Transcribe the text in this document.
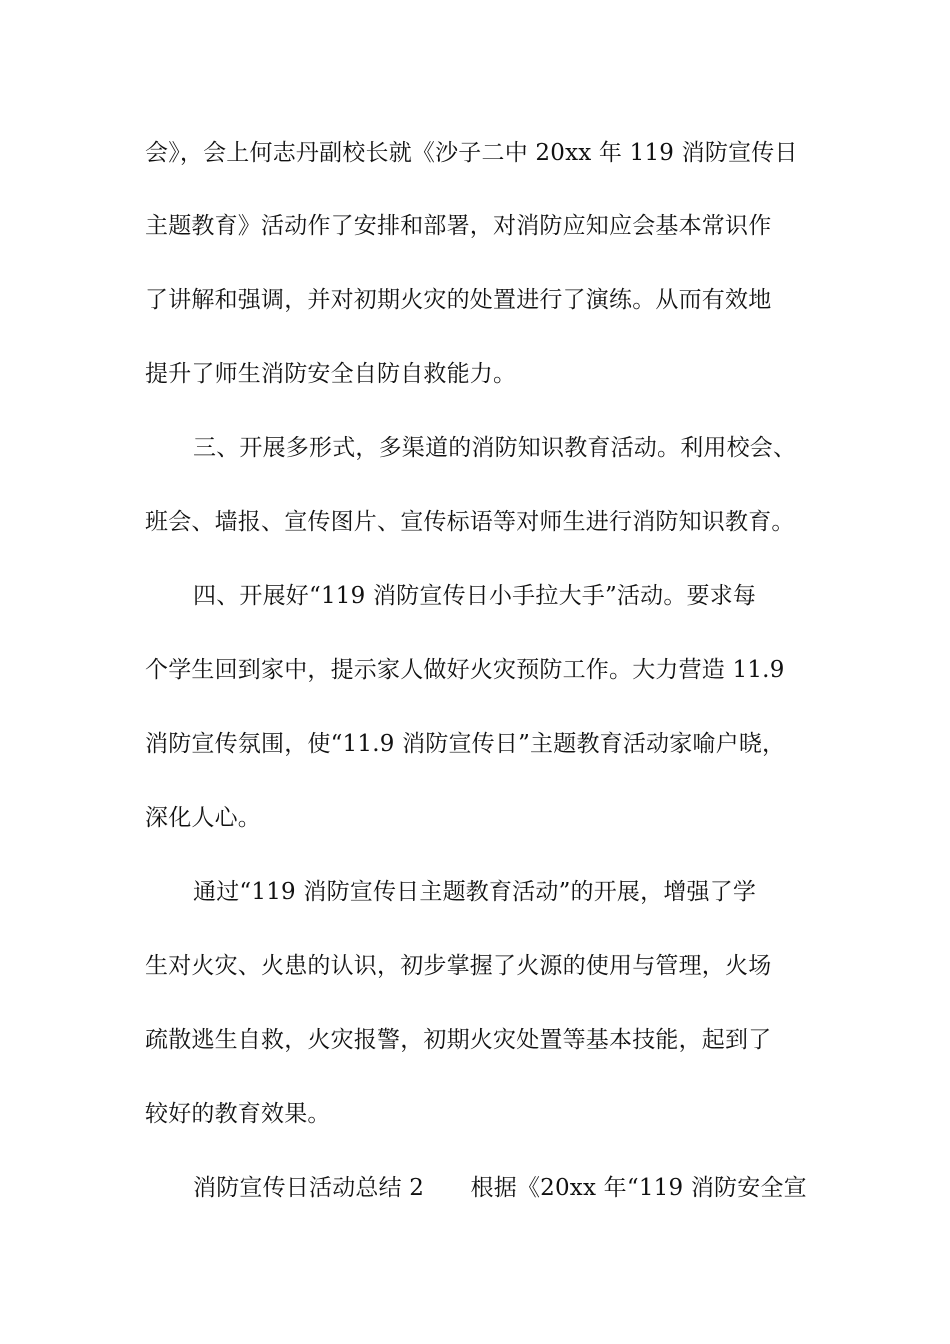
会》，会上何志丹副校长就《沙子二中 20xx 年 119 消防宣传日
主题教育》活动作了安排和部署，对消防应知应会基本常识作
了讲解和强调，并对初期火灾的处置进行了演练。从而有效地
提升了师生消防安全自防自救能力。
三、开展多形式，多渠道的消防知识教育活动。利用校会、
班会、墙报、宣传图片、宣传标语等对师生进行消防知识教育。
四、开展好“119 消防宣传日小手拉大手”活动。要求每
个学生回到家中，提示家人做好火灾预防工作。大力营造 11.9
消防宣传氛围，使“11.9 消防宣传日”主题教育活动家喻户晓，
深化人心。
通过“119 消防宣传日主题教育活动”的开展，增强了学
生对火灾、火患的认识，初步掌握了火源的使用与管理，火场
疏散逃生自救，火灾报警，初期火灾处置等基本技能，起到了
较好的教育效果。
消防宣传日活动总结 2　　根据《20xx 年“119 消防安全宣
